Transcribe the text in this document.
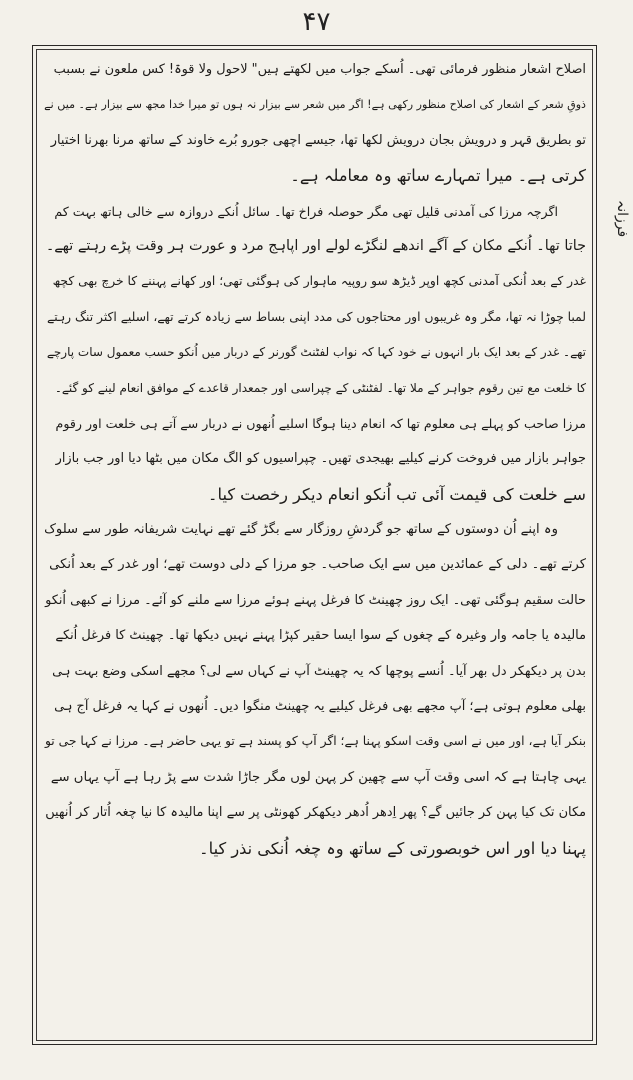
۴۷
اصلاح اشعار منظور فرمائی تھی۔ اُسکے جواب میں لکھتے ہیں" لاحول ولا قوۃ! کس ملعون نے بسبب
ذوقِ شعر کے اشعار کی اصلاح منظور رکھی ہے! اگر میں شعر سے بیزار نہ ہوں تو میرا خدا مجھ سے بیزار ہے۔ میں نے
تو بطریق قہر و درویش بجان درویش لکھا تھا، جیسے اچھی جورو بُرے خاوند کے ساتھ مرنا بھرنا اختیار
کرتی ہے۔ میرا تمہارے ساتھ وہ معاملہ ہے۔
اگرچہ مرزا کی آمدنی قلیل تھی مگر حوصلہ فراخ تھا۔ سائل اُنکے دروازہ سے خالی ہاتھ بہت کم
جاتا تھا۔ اُنکے مکان کے آگے اندھے لنگڑے لولے اور اپاہج مرد و عورت ہر وقت پڑے رہتے تھے۔
غدر کے بعد اُنکی آمدنی کچھ اوپر ڈیڑھ سو روپیہ ماہوار کی ہوگئی تھی؛ اور کھانے پہننے کا خرچ بھی کچھ
لمبا چوڑا نہ تھا، مگر وہ غریبوں اور محتاجوں کی مدد اپنی بساط سے زیادہ کرتے تھے، اسلیے اکثر تنگ رہتے
تھے۔ غدر کے بعد ایک بار انہوں نے خود کہا کہ نواب لفٹنٹ گورنر کے دربار میں اُنکو حسب معمول سات پارچے
کا خلعت مع تین رقوم جواہر کے ملا تھا۔ لفٹنٹی کے چپراسی اور جمعدار قاعدے کے موافق انعام لینے کو گئے۔
مرزا صاحب کو پہلے ہی معلوم تھا کہ انعام دینا ہوگا اسلیے اُنھوں نے دربار سے آتے ہی خلعت اور رقوم
جواہر بازار میں فروخت کرنے کیلیے بھیجدی تھیں۔ چپراسیوں کو الگ مکان میں بٹھا دیا اور جب بازار
سے خلعت کی قیمت آئی تب اُنکو انعام دیکر رخصت کیا۔
وہ اپنے اُن دوستوں کے ساتھ جو گردشِ روزگار سے بگڑ گئے تھے نہایت شریفانہ طور سے سلوک
کرتے تھے۔ دلی کے عمائدین میں سے ایک صاحب۔ جو مرزا کے دلی دوست تھے؛ اور غدر کے بعد اُنکی
حالت سقیم ہوگئی تھی۔ ایک روز چھینٹ کا فرغل پہنے ہوئے مرزا سے ملنے کو آئے۔ مرزا نے کبھی اُنکو
مالیدہ یا جامہ وار وغیرہ کے چغوں کے سوا ایسا حقیر کپڑا پہنے نہیں دیکھا تھا۔ چھینٹ کا فرغل اُنکے
بدن پر دیکھکر دل بھر آیا۔ اُنسے پوچھا کہ یہ چھینٹ آپ نے کہاں سے لی؟ مجھے اسکی وضع بہت ہی
بھلی معلوم ہوتی ہے؛ آپ مجھے بھی فرغل کیلیے یہ چھینٹ منگوا دیں۔ اُنھوں نے کہا یہ فرغل آج ہی
بنکر آیا ہے، اور میں نے اسی وقت اسکو پہنا ہے؛ اگر آپ کو پسند ہے تو یہی حاضر ہے۔ مرزا نے کہا جی تو
یہی چاہتا ہے کہ اسی وقت آپ سے چھین کر پہن لوں مگر جاڑا شدت سے پڑ رہا ہے آپ یہاں سے
مکان تک کیا پہن کر جائیں گے؟ پھر اِدھر اُدھر دیکھکر کھونٹی پر سے اپنا مالیدہ کا نیا چغہ اُتار کر اُنھیں
پہنا دیا اور اس خوبصورتی کے ساتھ وہ چغہ اُنکی نذر کیا۔
فرزانہ
